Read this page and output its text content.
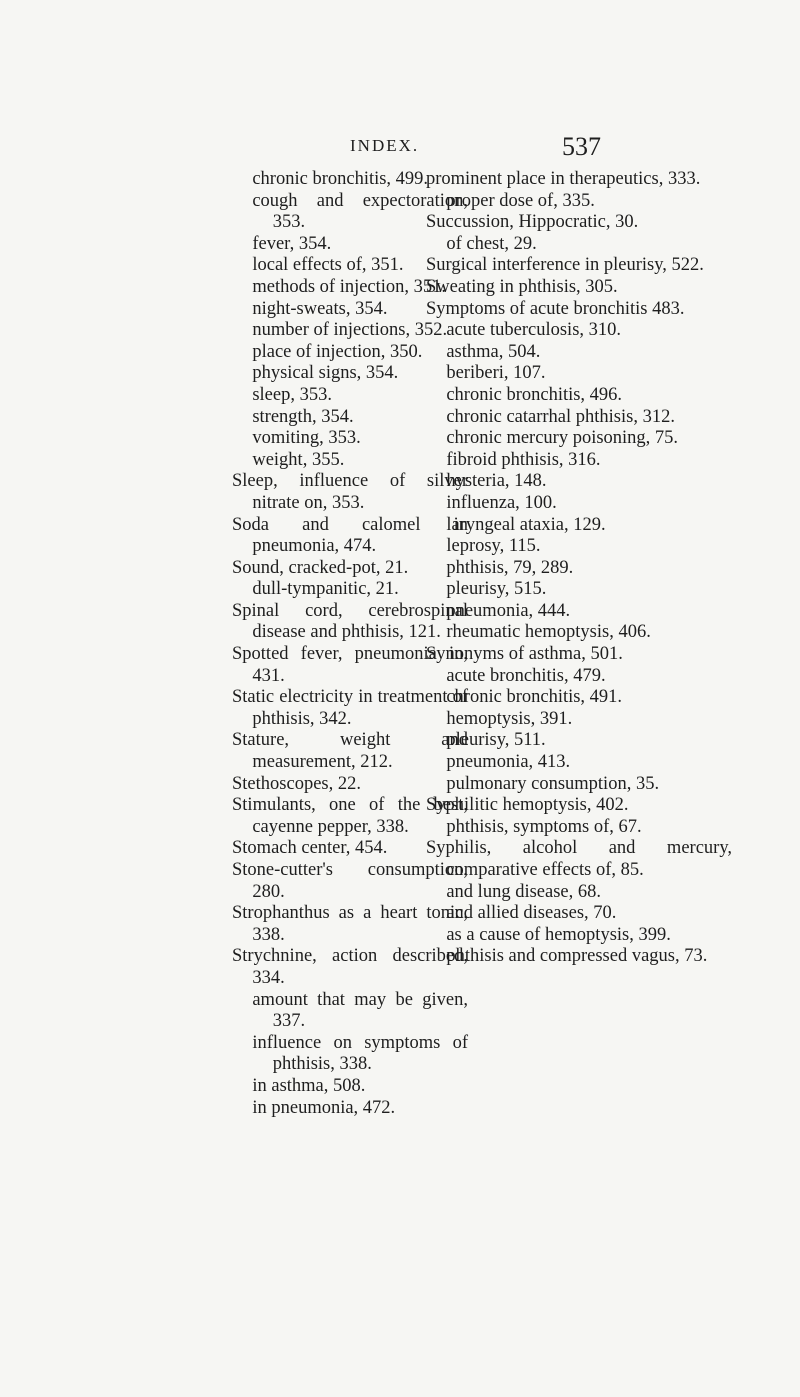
INDEX.	537

chronic bronchitis, 499.

cough and expectoration, 353.

fever, 354.

local effects of, 351.

methods of injection, 351.

night-sweats, 354.

number of injections, 352.

place of injection, 350.

physical signs, 354.

sleep, 353.

strength, 354.

vomiting, 353.

weight, 355.

Sleep, influence of silver nitrate on, 353.

Soda and calomel in pneumonia, 474.

Sound, cracked-pot, 21.

dull-tympanitic, 21.

Spinal cord, cerebrospinal disease and phthisis, 121.

Spotted fever, pneumonia in, 431.

Static electricity in treatment of phthisis, 342.

Stature, weight and measurement, 212.

Stethoscopes, 22.

Stimulants, one of the best, cayenne pepper, 338.

Stomach center, 454.

Stone-cutter's consumption, 280.

Strophanthus as a heart tonic, 338.

Strychnine, action described, 334.

amount that may be given, 337.

influence on symptoms of phthisis, 338.

in asthma, 508.

in pneumonia, 472.

prominent place in therapeutics, 333.

proper dose of, 335.

Succussion, Hippocratic, 30.

of chest, 29.

Surgical interference in pleurisy, 522.

Sweating in phthisis, 305.

Symptoms of acute bronchitis 483.

acute tuberculosis, 310.

asthma, 504.

beriberi, 107.

chronic bronchitis, 496.

chronic catarrhal phthisis, 312.

chronic mercury poisoning, 75.

fibroid phthisis, 316.

hysteria, 148.

influenza, 100.

laryngeal ataxia, 129.

leprosy, 115.

phthisis, 79, 289.

pleurisy, 515.

pneumonia, 444.

rheumatic hemoptysis, 406.

Synonyms of asthma, 501.

acute bronchitis, 479.

chronic bronchitis, 491.

hemoptysis, 391.

pleurisy, 511.

pneumonia, 413.

pulmonary consumption, 35.

Syphilitic hemoptysis, 402.

phthisis, symptoms of, 67.

Syphilis, alcohol and mercury, comparative effects of, 85.

and lung disease, 68.

and allied diseases, 70.

as a cause of hemoptysis, 399.

phthisis and compressed vagus, 73.
